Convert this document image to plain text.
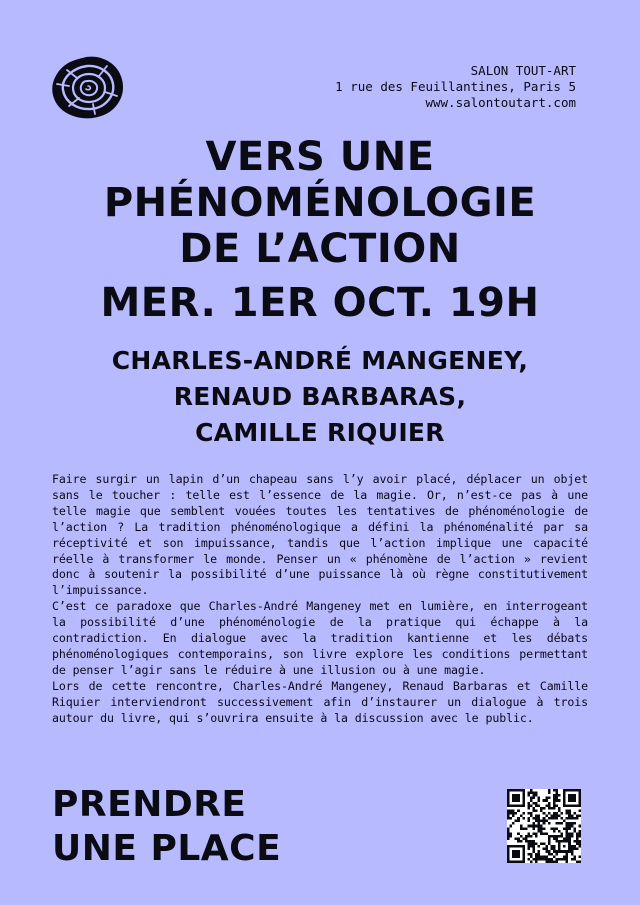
SALON TOUT-ART
1 rue des Feuillantines, Paris 5
www.salontoutart.com
VERS UNE
PHÉNOMÉNOLOGIE
DE L’ACTION
MER. 1ER OCT. 19H
CHARLES-ANDRÉ MANGENEY,
RENAUD BARBARAS,
CAMILLE RIQUIER

Faire surgir un lapin d’un chapeau sans l’y avoir placé, déplacer un objet sans le toucher : telle est l’essence de la magie. Or, n’est-ce pas à une telle magie que semblent vouées toutes les tentatives de phénoménologie de l’action ? La tradition phénoménologique a défini la phénoménalité par sa réceptivité et son impuissance, tandis que l’action implique une capacité réelle à transformer le monde. Penser un « phénomène de l’action » revient donc à soutenir la possibilité d’une puissance là où règne constitutivement l’impuissance.

C’est ce paradoxe que Charles-André Mangeney met en lumière, en interrogeant la possibilité d’une phénoménologie de la pratique qui échappe à la contradiction. En dialogue avec la tradition kantienne et les débats phénoménologiques contemporains, son livre explore les conditions permettant de penser l’agir sans le réduire à une illusion ou à une magie.

Lors de cette rencontre, Charles-André Mangeney, Renaud Barbaras et Camille Riquier interviendront successivement afin d’instaurer un dialogue à trois autour du livre, qui s’ouvrira ensuite à la discussion avec le public.

PRENDRE
UNE PLACE
